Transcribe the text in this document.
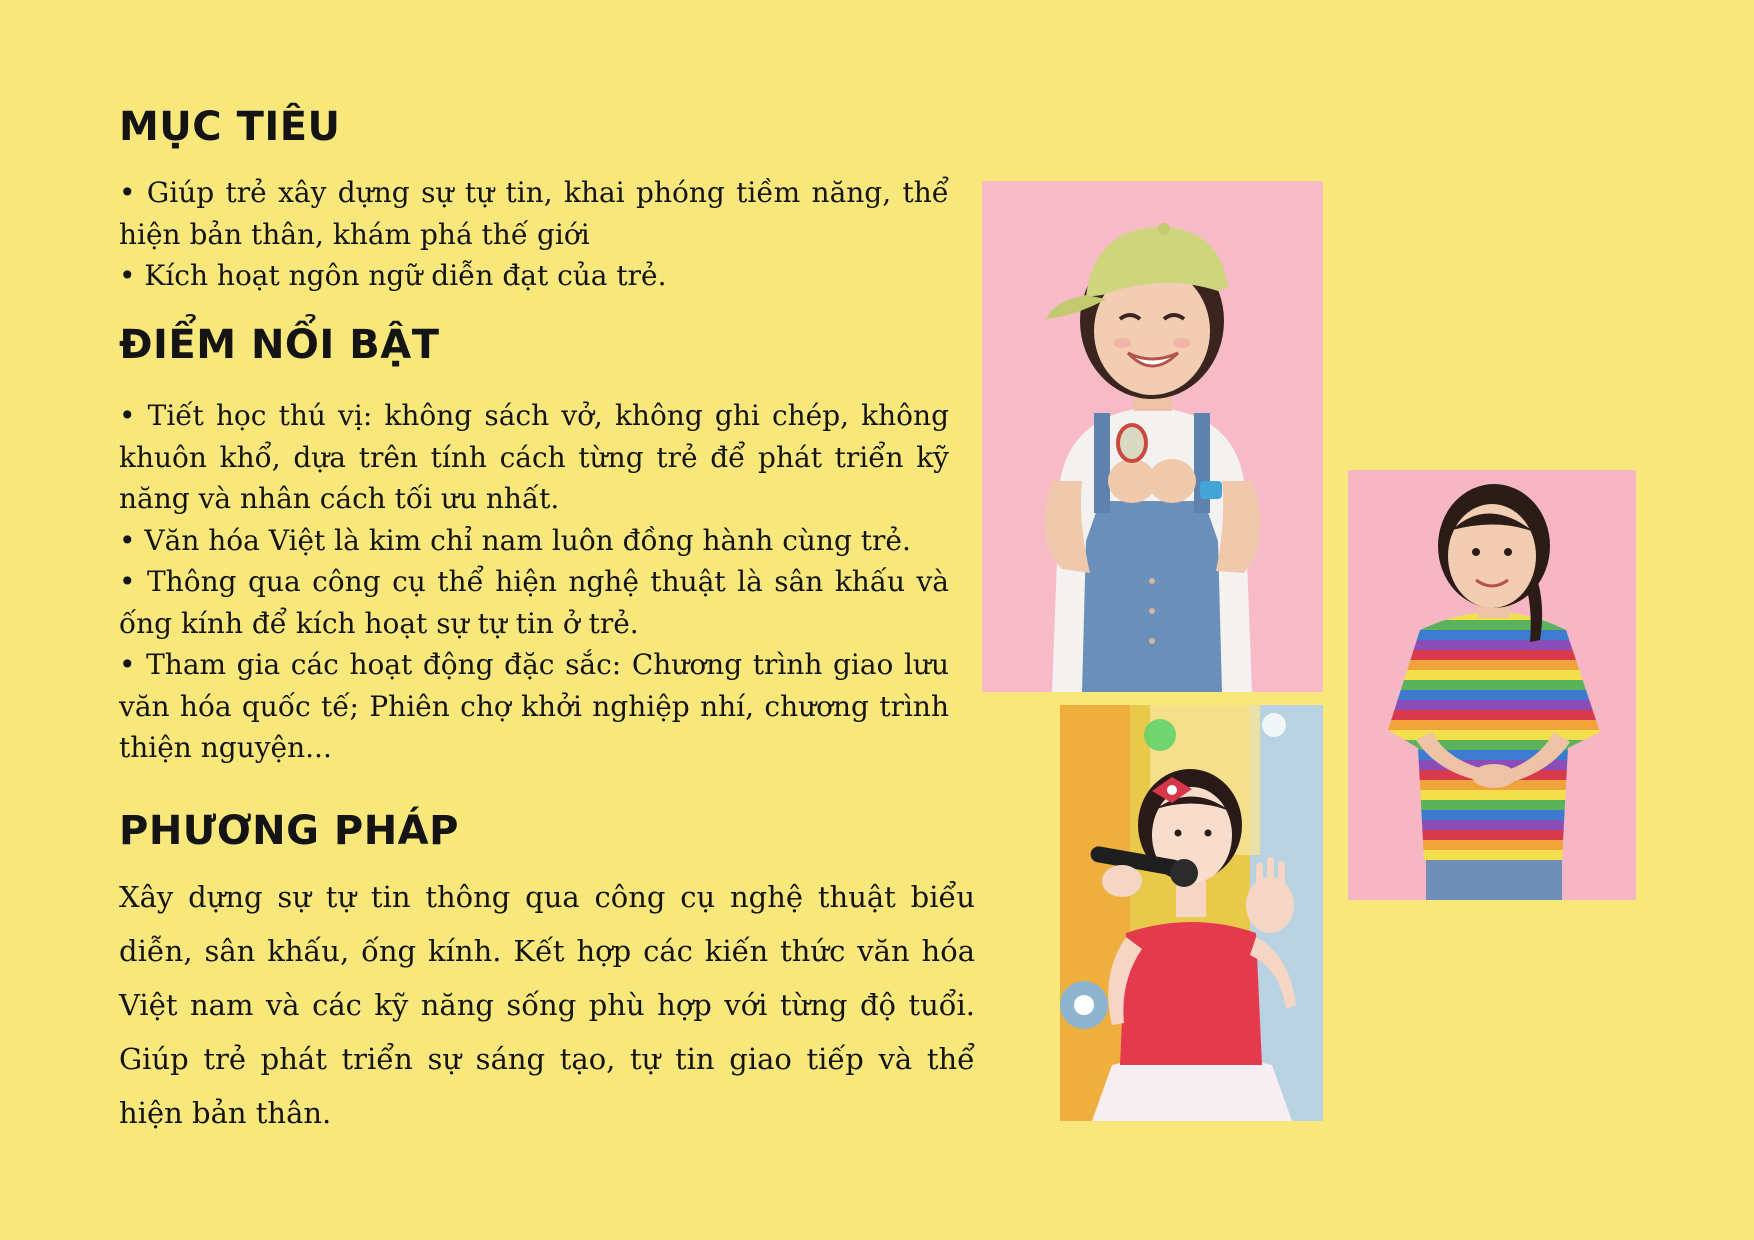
MỤC TIÊU
• Giúp trẻ xây dựng sự tự tin, khai phóng tiềm năng, thể hiện bản thân, khám phá thế giới
• Kích hoạt ngôn ngữ diễn đạt của trẻ.
ĐIỂM NỔI BẬT
• Tiết học thú vị: không sách vở, không ghi chép, không khuôn khổ, dựa trên tính cách từng trẻ để phát triển kỹ năng và nhân cách tối ưu nhất.
• Văn hóa Việt là kim chỉ nam luôn đồng hành cùng trẻ.
• Thông qua công cụ thể hiện nghệ thuật là sân khấu và ống kính để kích hoạt sự tự tin ở trẻ.
• Tham gia các hoạt động đặc sắc: Chương trình giao lưu văn hóa quốc tế; Phiên chợ khởi nghiệp nhí, chương trình thiện nguyện...
PHƯƠNG PHÁP

Xây dựng sự tự tin thông qua công cụ nghệ thuật biểu diễn, sân khấu, ống kính. Kết hợp các kiến thức văn hóa Việt nam và các kỹ năng sống phù hợp với từng độ tuổi. Giúp trẻ phát triển sự sáng tạo, tự tin giao tiếp và thể hiện bản thân.
